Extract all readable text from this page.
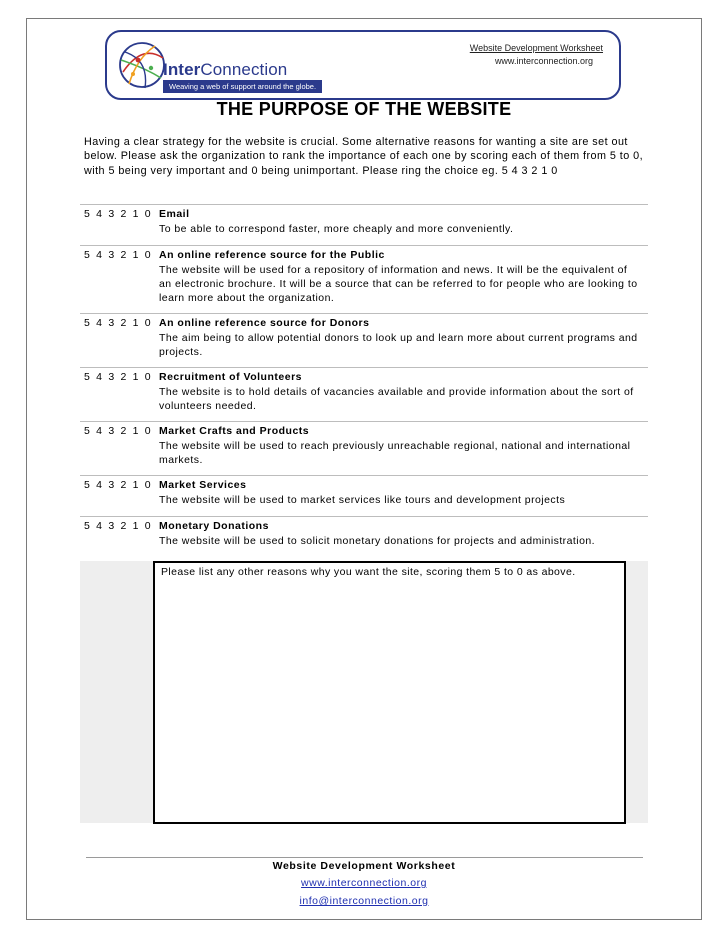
InterConnection
Weaving a web of support around the globe.
Website Development Worksheet
www.interconnection.org
THE PURPOSE OF THE WEBSITE

Having a clear strategy for the website is crucial. Some alternative reasons for wanting a site are set out below. Please ask the organization to rank the importance of each one by scoring each of them from 5 to 0, with 5 being very important and 0 being unimportant. Please ring the choice eg. 5 4 3 2 1 0

5 4 3 2 1 0 Email
To be able to correspond faster, more cheaply and more conveniently.
5 4 3 2 1 0 An online reference source for the Public
The website will be used for a repository of information and news. It will be the equivalent of an electronic brochure. It will be a source that can be referred to for people who are looking to learn more about the organization.
5 4 3 2 1 0 An online reference source for Donors
The aim being to allow potential donors to look up and learn more about current programs and projects.
5 4 3 2 1 0 Recruitment of Volunteers
The website is to hold details of vacancies available and provide information about the sort of volunteers needed.
5 4 3 2 1 0 Market Crafts and Products
The website will be used to reach previously unreachable regional, national and international markets.
5 4 3 2 1 0 Market Services
The website will be used to market services like tours and development projects
5 4 3 2 1 0 Monetary Donations
The website will be used to solicit monetary donations for projects and administration.
Please list any other reasons why you want the site, scoring them 5 to 0 as above.
Website Development Worksheet
www.interconnection.org
info@interconnection.org
